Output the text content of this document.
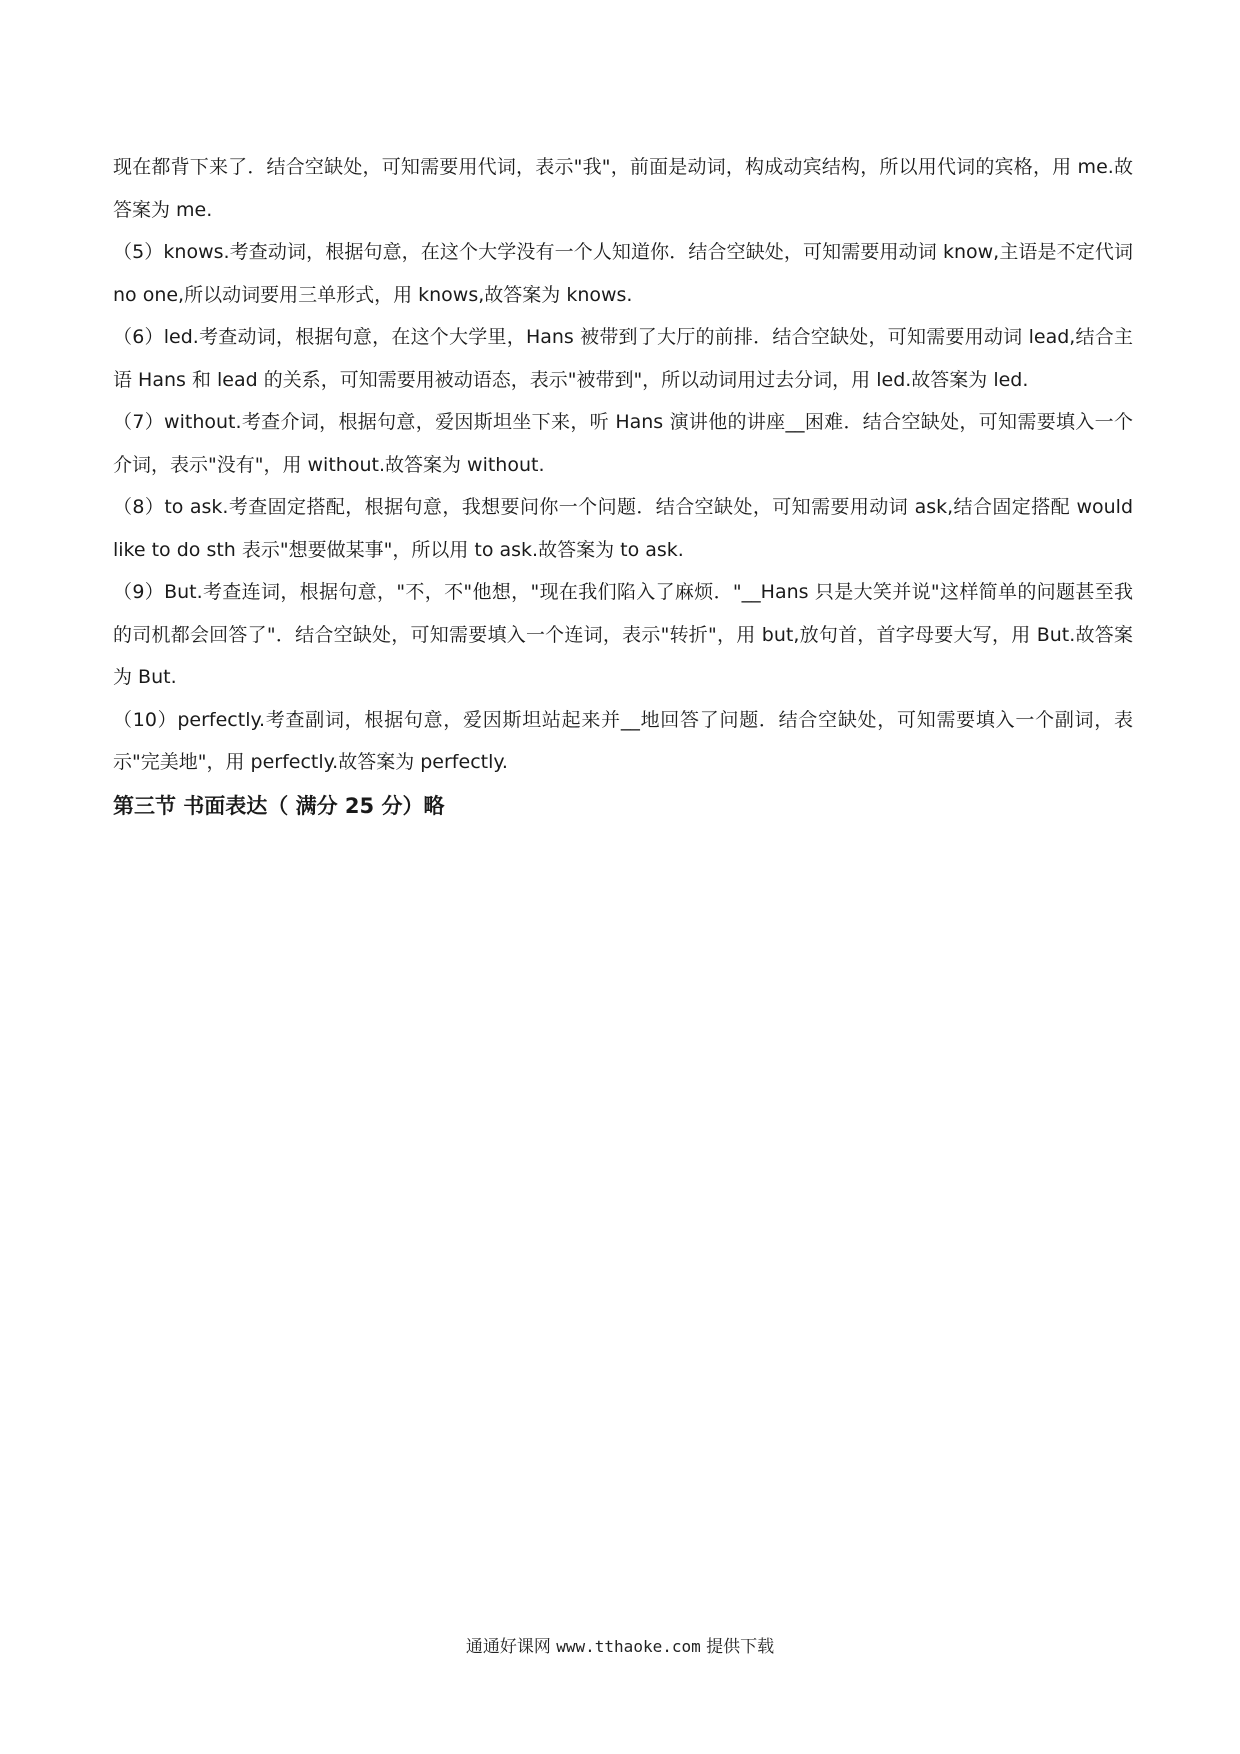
现在都背下来了．结合空缺处，可知需要用代词，表示"我"，前面是动词，构成动宾结构，所以用代词的宾格，用 me.故答案为 me.

（5）knows.考查动词，根据句意，在这个大学没有一个人知道你．结合空缺处，可知需要用动词 know,主语是不定代词 no one,所以动词要用三单形式，用 knows,故答案为 knows.

（6）led.考查动词，根据句意，在这个大学里，Hans 被带到了大厅的前排．结合空缺处，可知需要用动词 lead,结合主语 Hans 和 lead 的关系，可知需要用被动语态，表示"被带到"，所以动词用过去分词，用 led.故答案为 led.

（7）without.考查介词，根据句意，爱因斯坦坐下来，听 Hans 演讲他的讲座__困难．结合空缺处，可知需要填入一个介词，表示"没有"，用 without.故答案为 without.

（8）to ask.考查固定搭配，根据句意，我想要问你一个问题．结合空缺处，可知需要用动词 ask,结合固定搭配 would like to do sth 表示"想要做某事"，所以用 to ask.故答案为 to ask.

（9）But.考查连词，根据句意，"不，不"他想，"现在我们陷入了麻烦．"__Hans 只是大笑并说"这样简单的问题甚至我的司机都会回答了"．结合空缺处，可知需要填入一个连词，表示"转折"，用 but,放句首，首字母要大写，用 But.故答案为 But.

（10）perfectly.考查副词，根据句意，爱因斯坦站起来并__地回答了问题．结合空缺处，可知需要填入一个副词，表示"完美地"，用 perfectly.故答案为 perfectly.

第三节 书面表达（ 满分 25 分）略

通通好课网 www.tthaoke.com 提供下载
